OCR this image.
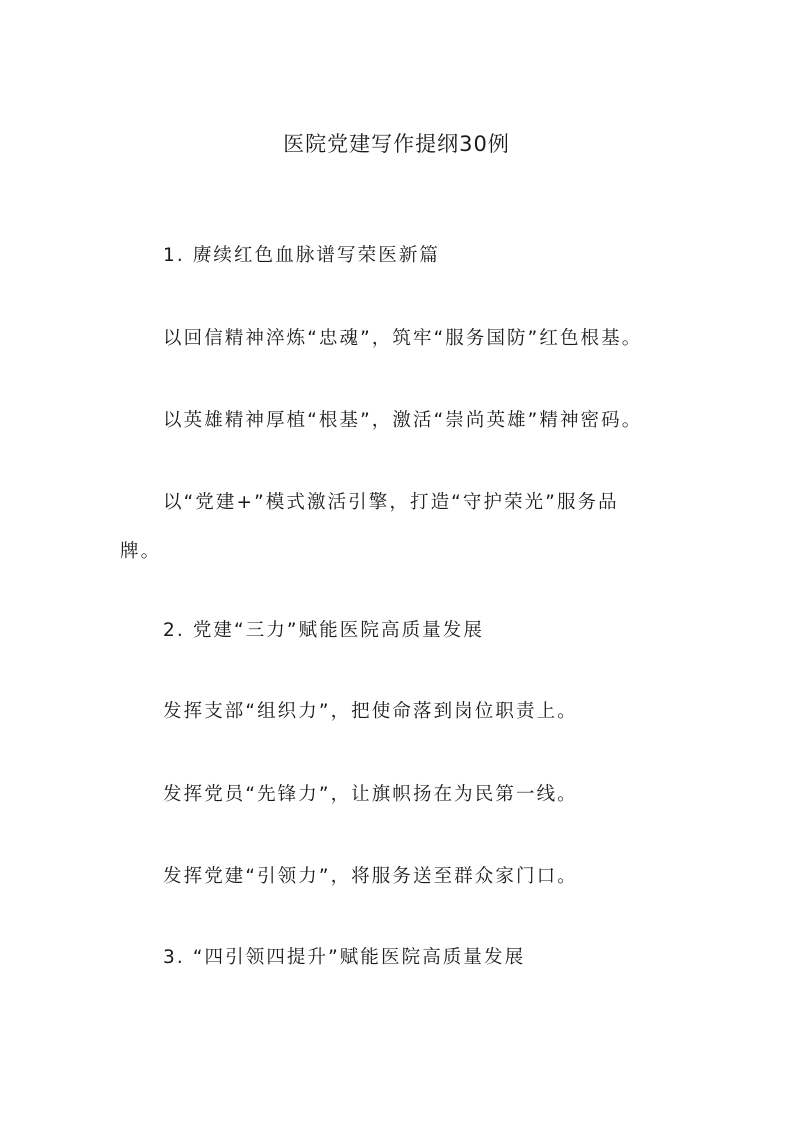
医院党建写作提纲30例
1. 赓续红色血脉谱写荣医新篇
以回信精神淬炼“忠魂”，筑牢“服务国防”红色根基。
以英雄精神厚植“根基”，激活“崇尚英雄”精神密码。
以“党建+”模式激活引擎，打造“守护荣光”服务品
牌。
2. 党建“三力”赋能医院高质量发展
发挥支部“组织力”，把使命落到岗位职责上。
发挥党员“先锋力”，让旗帜扬在为民第一线。
发挥党建“引领力”，将服务送至群众家门口。
3. “四引领四提升”赋能医院高质量发展
